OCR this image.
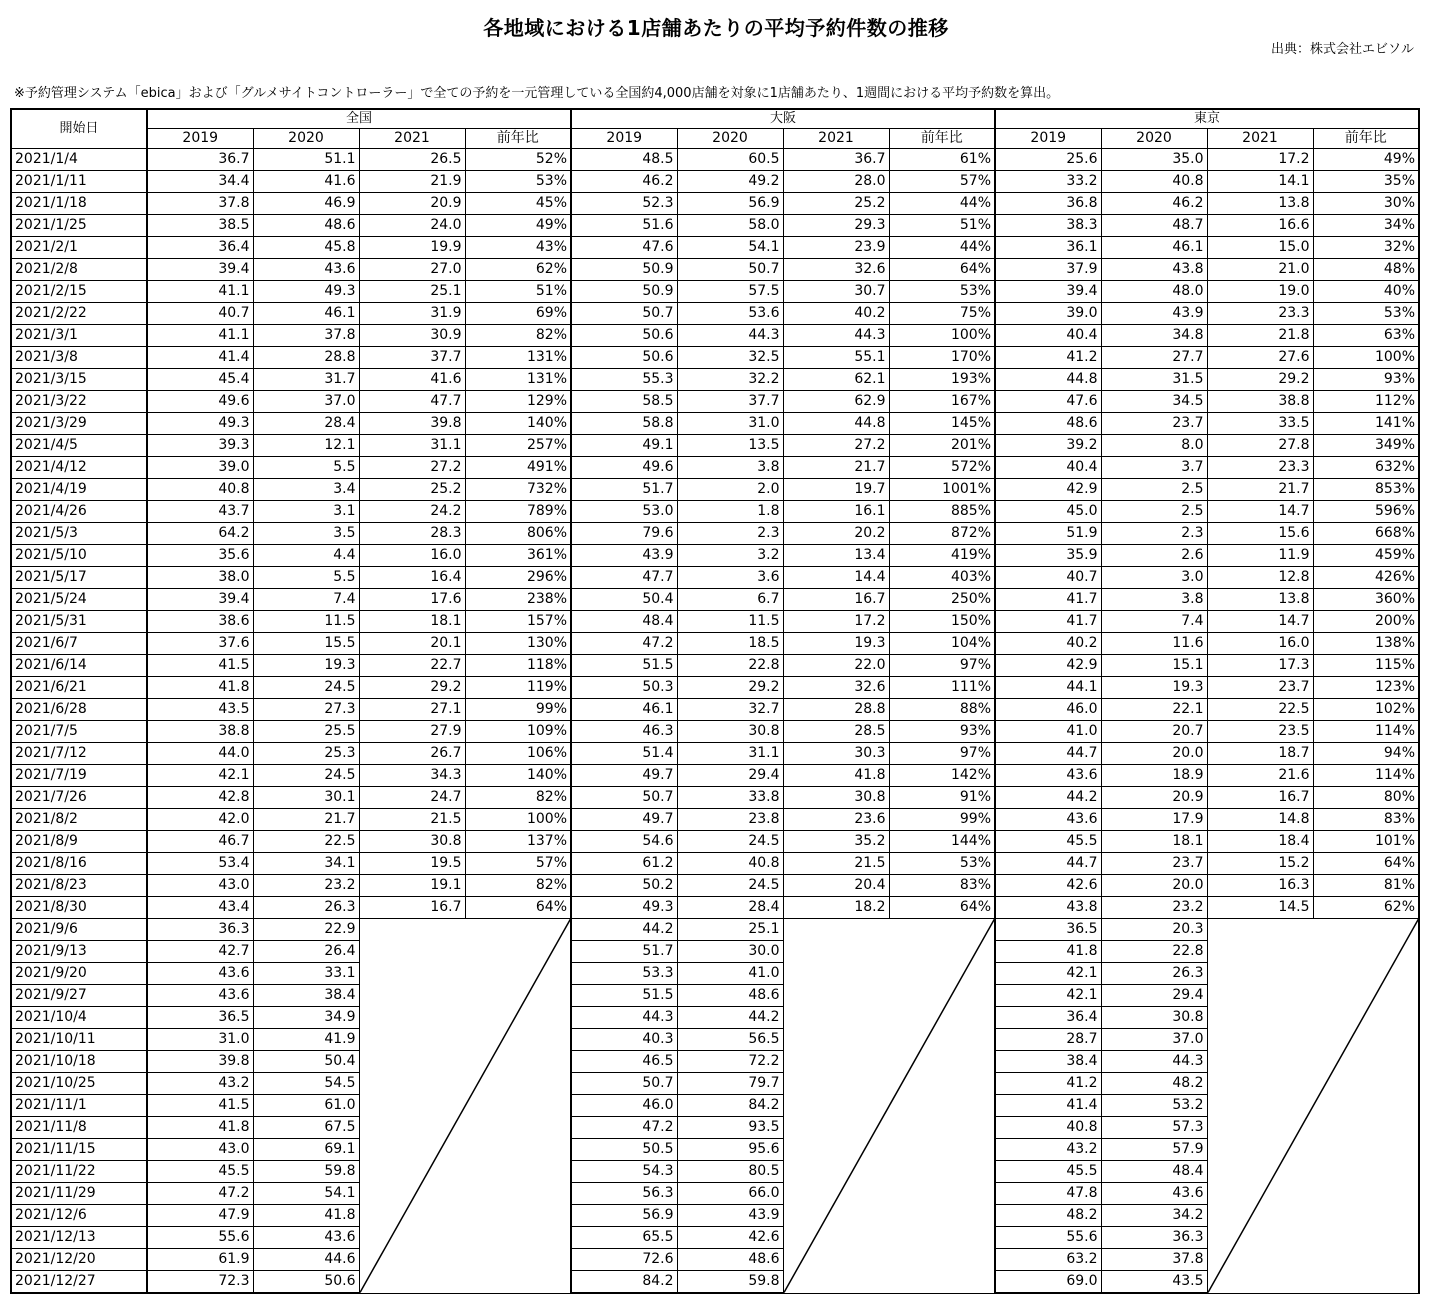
各地域における1店舗あたりの平均予約件数の推移
出典：株式会社エビソル
※予約管理システム「ebica」および「グルメサイトコントローラー」で全ての予約を一元管理している全国約4,000店舗を対象に1店舗あたり、1週間における平均予約数を算出。
開始日	全国				大阪				東京			
	2019	2020	2021	前年比	2019	2020	2021	前年比	2019	2020	2021	前年比
2021/1/4	36.7	51.1	26.5	52%	48.5	60.5	36.7	61%	25.6	35.0	17.2	49%
2021/1/11	34.4	41.6	21.9	53%	46.2	49.2	28.0	57%	33.2	40.8	14.1	35%
2021/1/18	37.8	46.9	20.9	45%	52.3	56.9	25.2	44%	36.8	46.2	13.8	30%
2021/1/25	38.5	48.6	24.0	49%	51.6	58.0	29.3	51%	38.3	48.7	16.6	34%
2021/2/1	36.4	45.8	19.9	43%	47.6	54.1	23.9	44%	36.1	46.1	15.0	32%
2021/2/8	39.4	43.6	27.0	62%	50.9	50.7	32.6	64%	37.9	43.8	21.0	48%
2021/2/15	41.1	49.3	25.1	51%	50.9	57.5	30.7	53%	39.4	48.0	19.0	40%
2021/2/22	40.7	46.1	31.9	69%	50.7	53.6	40.2	75%	39.0	43.9	23.3	53%
2021/3/1	41.1	37.8	30.9	82%	50.6	44.3	44.3	100%	40.4	34.8	21.8	63%
2021/3/8	41.4	28.8	37.7	131%	50.6	32.5	55.1	170%	41.2	27.7	27.6	100%
2021/3/15	45.4	31.7	41.6	131%	55.3	32.2	62.1	193%	44.8	31.5	29.2	93%
2021/3/22	49.6	37.0	47.7	129%	58.5	37.7	62.9	167%	47.6	34.5	38.8	112%
2021/3/29	49.3	28.4	39.8	140%	58.8	31.0	44.8	145%	48.6	23.7	33.5	141%
2021/4/5	39.3	12.1	31.1	257%	49.1	13.5	27.2	201%	39.2	8.0	27.8	349%
2021/4/12	39.0	5.5	27.2	491%	49.6	3.8	21.7	572%	40.4	3.7	23.3	632%
2021/4/19	40.8	3.4	25.2	732%	51.7	2.0	19.7	1001%	42.9	2.5	21.7	853%
2021/4/26	43.7	3.1	24.2	789%	53.0	1.8	16.1	885%	45.0	2.5	14.7	596%
2021/5/3	64.2	3.5	28.3	806%	79.6	2.3	20.2	872%	51.9	2.3	15.6	668%
2021/5/10	35.6	4.4	16.0	361%	43.9	3.2	13.4	419%	35.9	2.6	11.9	459%
2021/5/17	38.0	5.5	16.4	296%	47.7	3.6	14.4	403%	40.7	3.0	12.8	426%
2021/5/24	39.4	7.4	17.6	238%	50.4	6.7	16.7	250%	41.7	3.8	13.8	360%
2021/5/31	38.6	11.5	18.1	157%	48.4	11.5	17.2	150%	41.7	7.4	14.7	200%
2021/6/7	37.6	15.5	20.1	130%	47.2	18.5	19.3	104%	40.2	11.6	16.0	138%
2021/6/14	41.5	19.3	22.7	118%	51.5	22.8	22.0	97%	42.9	15.1	17.3	115%
2021/6/21	41.8	24.5	29.2	119%	50.3	29.2	32.6	111%	44.1	19.3	23.7	123%
2021/6/28	43.5	27.3	27.1	99%	46.1	32.7	28.8	88%	46.0	22.1	22.5	102%
2021/7/5	38.8	25.5	27.9	109%	46.3	30.8	28.5	93%	41.0	20.7	23.5	114%
2021/7/12	44.0	25.3	26.7	106%	51.4	31.1	30.3	97%	44.7	20.0	18.7	94%
2021/7/19	42.1	24.5	34.3	140%	49.7	29.4	41.8	142%	43.6	18.9	21.6	114%
2021/7/26	42.8	30.1	24.7	82%	50.7	33.8	30.8	91%	44.2	20.9	16.7	80%
2021/8/2	42.0	21.7	21.5	100%	49.7	23.8	23.6	99%	43.6	17.9	14.8	83%
2021/8/9	46.7	22.5	30.8	137%	54.6	24.5	35.2	144%	45.5	18.1	18.4	101%
2021/8/16	53.4	34.1	19.5	57%	61.2	40.8	21.5	53%	44.7	23.7	15.2	64%
2021/8/23	43.0	23.2	19.1	82%	50.2	24.5	20.4	83%	42.6	20.0	16.3	81%
2021/8/30	43.4	26.3	16.7	64%	49.3	28.4	18.2	64%	43.8	23.2	14.5	62%
2021/9/6	36.3	22.9			44.2	25.1			36.5	20.3	

2021/9/13	42.7	26.4			51.7	30.0			41.8	22.8		
2021/9/20	43.6	33.1			53.3	41.0			42.1	26.3		
2021/9/27	43.6	38.4			51.5	48.6			42.1	29.4		
2021/10/4	36.5	34.9			44.3	44.2			36.4	30.8		
2021/10/11	31.0	41.9			40.3	56.5			28.7	37.0		
2021/10/18	39.8	50.4			46.5	72.2			38.4	44.3		
2021/10/25	43.2	54.5			50.7	79.7			41.2	48.2		
2021/11/1	41.5	61.0			46.0	84.2			41.4	53.2		
2021/11/8	41.8	67.5			47.2	93.5			40.8	57.3		
2021/11/15	43.0	69.1			50.5	95.6			43.2	57.9		
2021/11/22	45.5	59.8			54.3	80.5			45.5	48.4		
2021/11/29	47.2	54.1			56.3	66.0			47.8	43.6		
2021/12/6	47.9	41.8			56.9	43.9			48.2	34.2		
2021/12/13	55.6	43.6			65.5	42.6			55.6	36.3		
2021/12/20	61.9	44.6			72.6	48.6			63.2	37.8		
2021/12/27	72.3	50.6			84.2	59.8			69.0	43.5		
